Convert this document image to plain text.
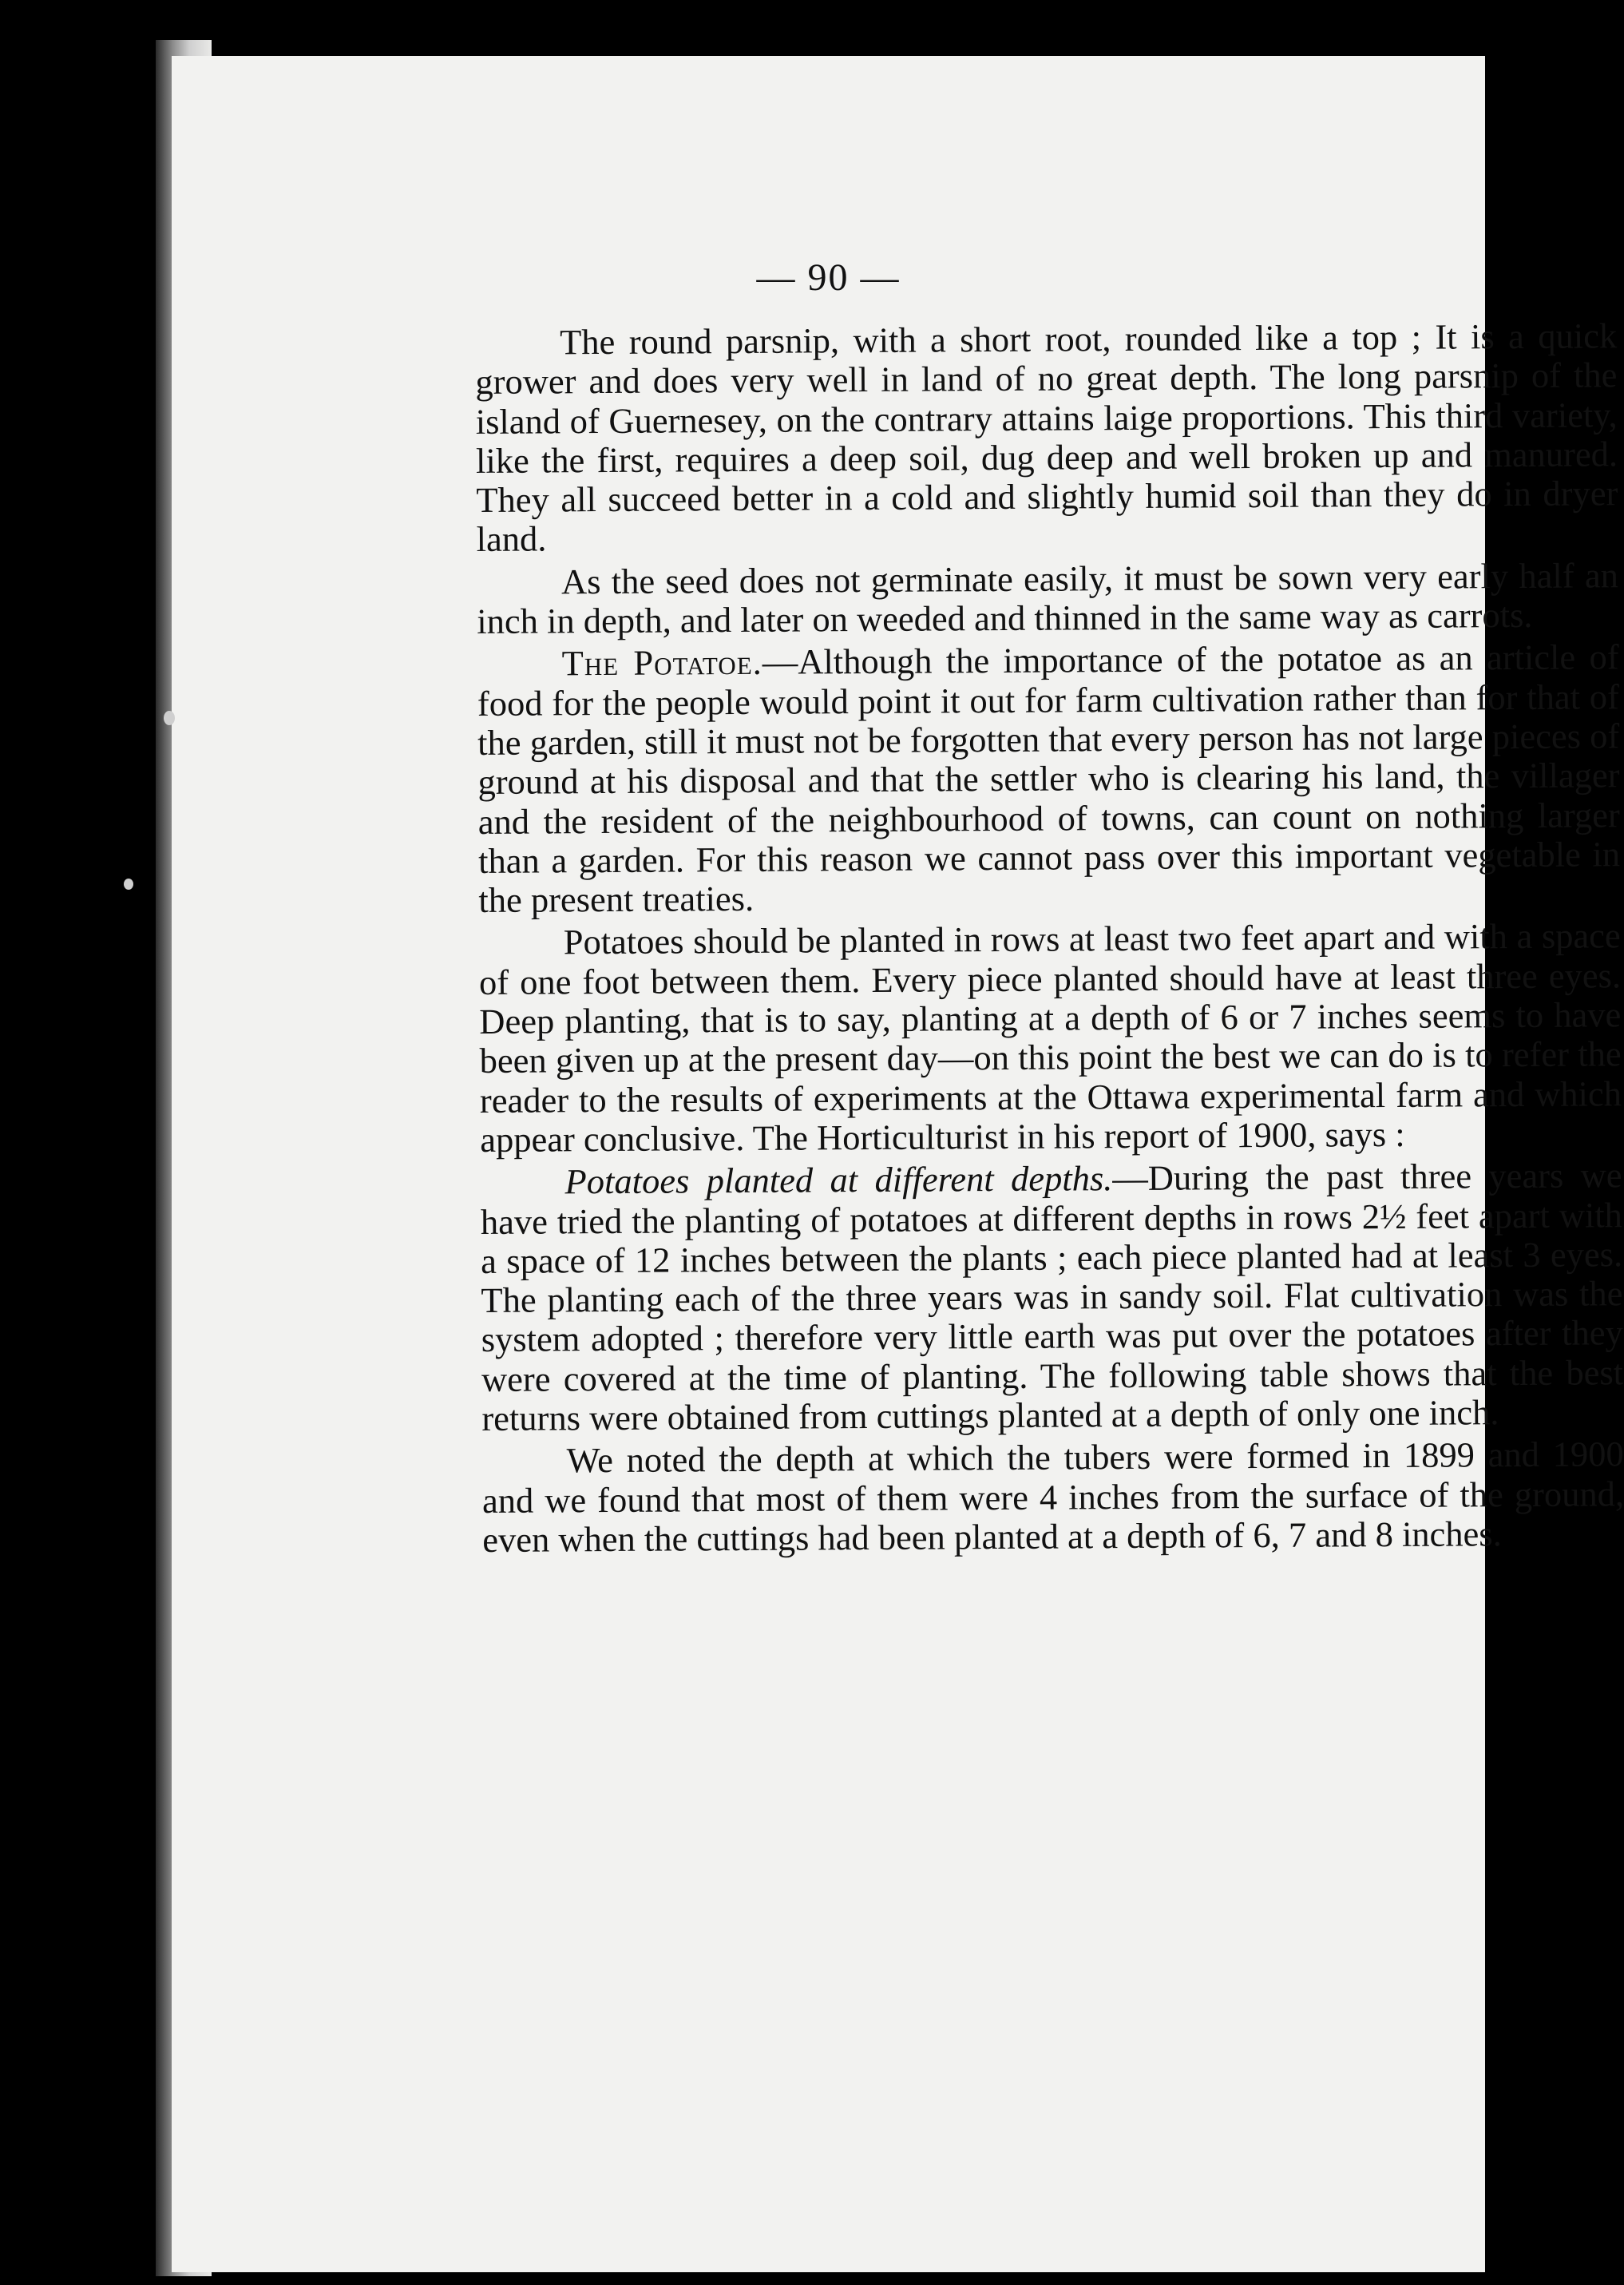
— 90 —

The round parsnip, with a short root, rounded like a top ; It is a quick grower and does very well in land of no great depth. The long parsnip of the island of Guernesey, on the contrary attains laige proportions. This third variety, like the first, requires a deep soil, dug deep and well broken up and manured. They all succeed better in a cold and slightly humid soil than they do in dryer land.

As the seed does not germinate easily, it must be sown very early half an inch in depth, and later on weeded and thinned in the same way as carrots.

The Potatoe.—Although the importance of the potatoe as an article of food for the people would point it out for farm cultivation rather than for that of the garden, still it must not be forgotten that every person has not large pieces of ground at his disposal and that the settler who is clearing his land, the villager and the resident of the neighbourhood of towns, can count on nothing larger than a garden. For this reason we cannot pass over this important vegetable in the present treaties.

Potatoes should be planted in rows at least two feet apart and with a space of one foot between them. Every piece planted should have at least three eyes. Deep planting, that is to say, planting at a depth of 6 or 7 inches seems to have been given up at the present day—on this point the best we can do is to refer the reader to the results of experiments at the Ottawa experimental farm and which appear conclusive. The Horticulturist in his report of 1900, says :

Potatoes planted at different depths.—During the past three years we have tried the planting of potatoes at different depths in rows 2½ feet apart with a space of 12 inches between the plants ; each piece planted had at least 3 eyes. The planting each of the three years was in sandy soil. Flat cultivation was the system adopted ; therefore very little earth was put over the potatoes after they were covered at the time of planting. The following table shows that the best returns were obtained from cuttings planted at a depth of only one inch.

We noted the depth at which the tubers were formed in 1899 and 1900 and we found that most of them were 4 inches from the surface of the ground, even when the cuttings had been planted at a depth of 6, 7 and 8 inches.
